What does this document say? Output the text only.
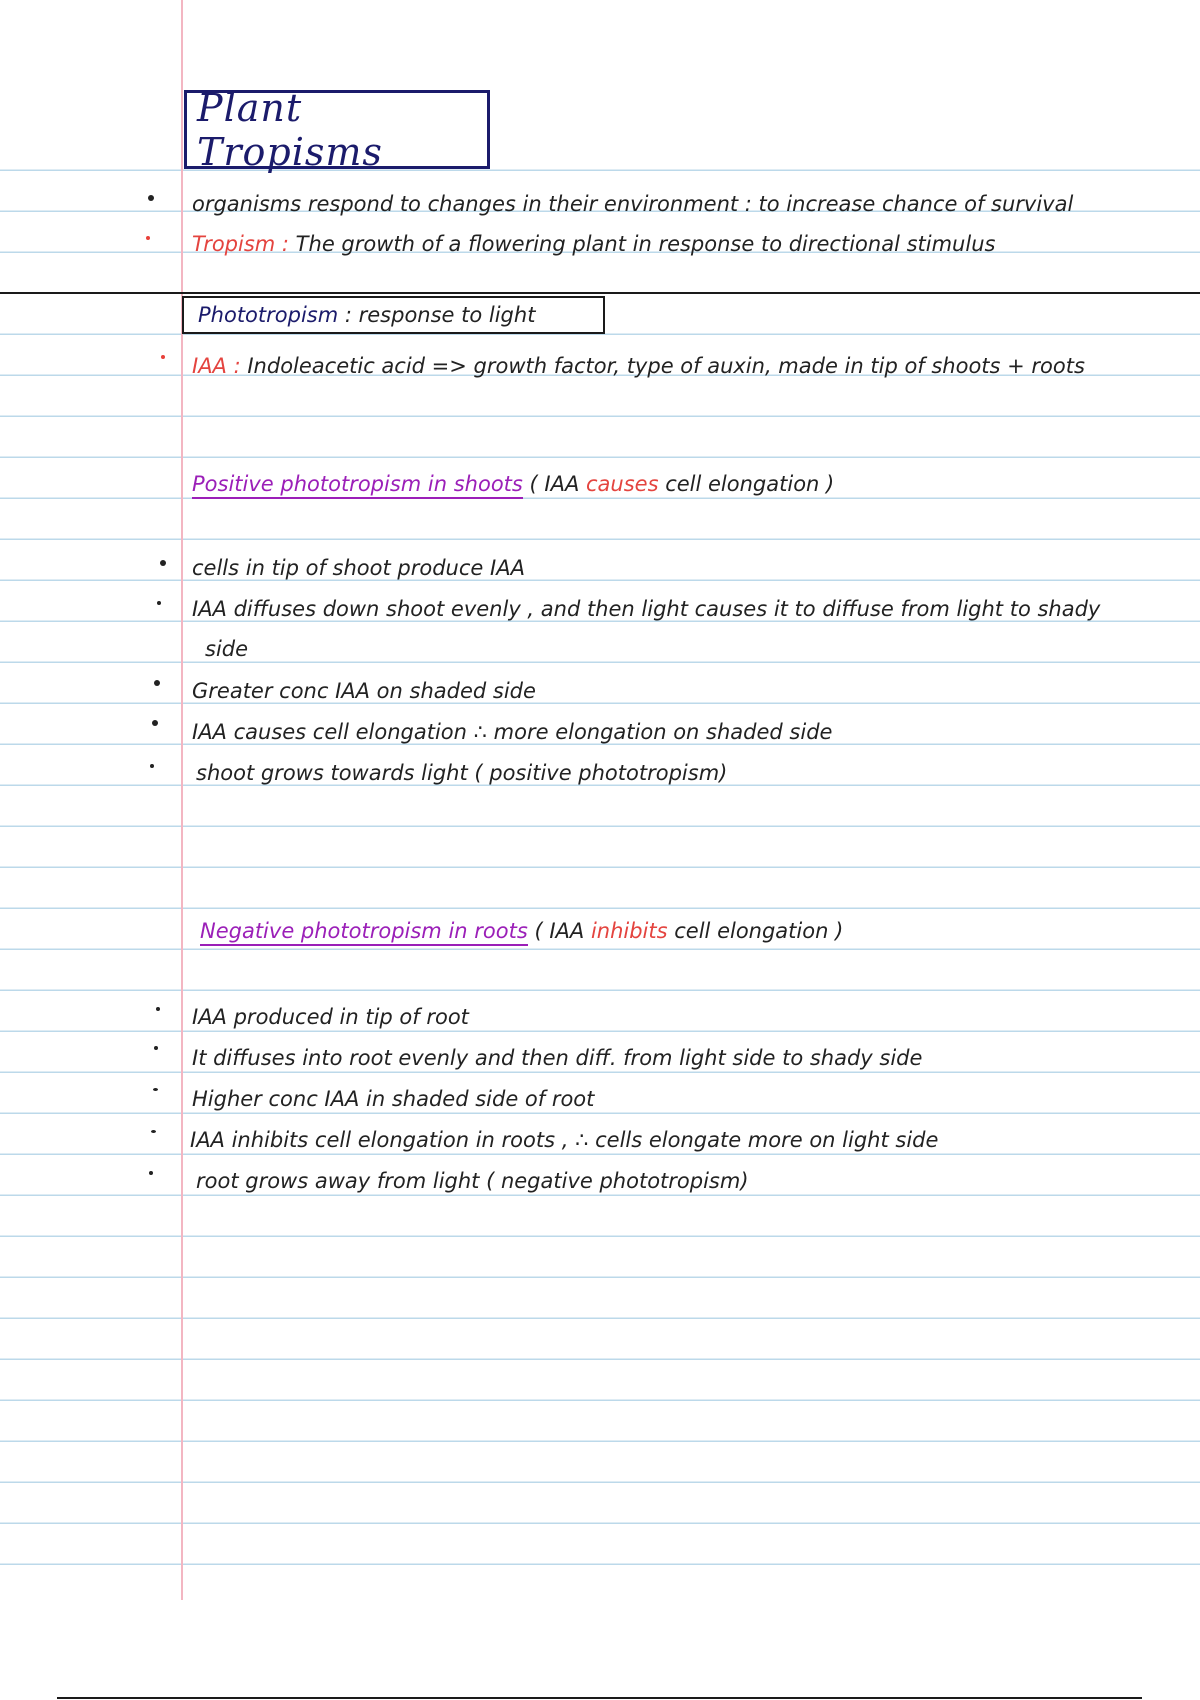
Plant Tropisms
organisms respond to changes in their environment : to increase chance of survival
Tropism : The growth of a flowering plant in response to directional stimulus
Phototropism : response to light
IAA : Indoleacetic acid => growth factor, type of auxin, made in tip of shoots + roots
Positive phototropism in shoots ( IAA causes cell elongation )
cells in tip of shoot produce IAA
IAA diffuses down shoot evenly , and then light causes it to diffuse from light to shady
side
Greater conc IAA on shaded side
IAA causes cell elongation ∴ more elongation on shaded side
shoot grows towards light ( positive phototropism)
Negative phototropism in roots ( IAA inhibits cell elongation )
IAA produced in tip of root
It diffuses into root evenly and then diff. from light side to shady side
Higher conc IAA in shaded side of root
IAA inhibits cell elongation in roots , ∴ cells elongate more on light side
root grows away from light ( negative phototropism)
